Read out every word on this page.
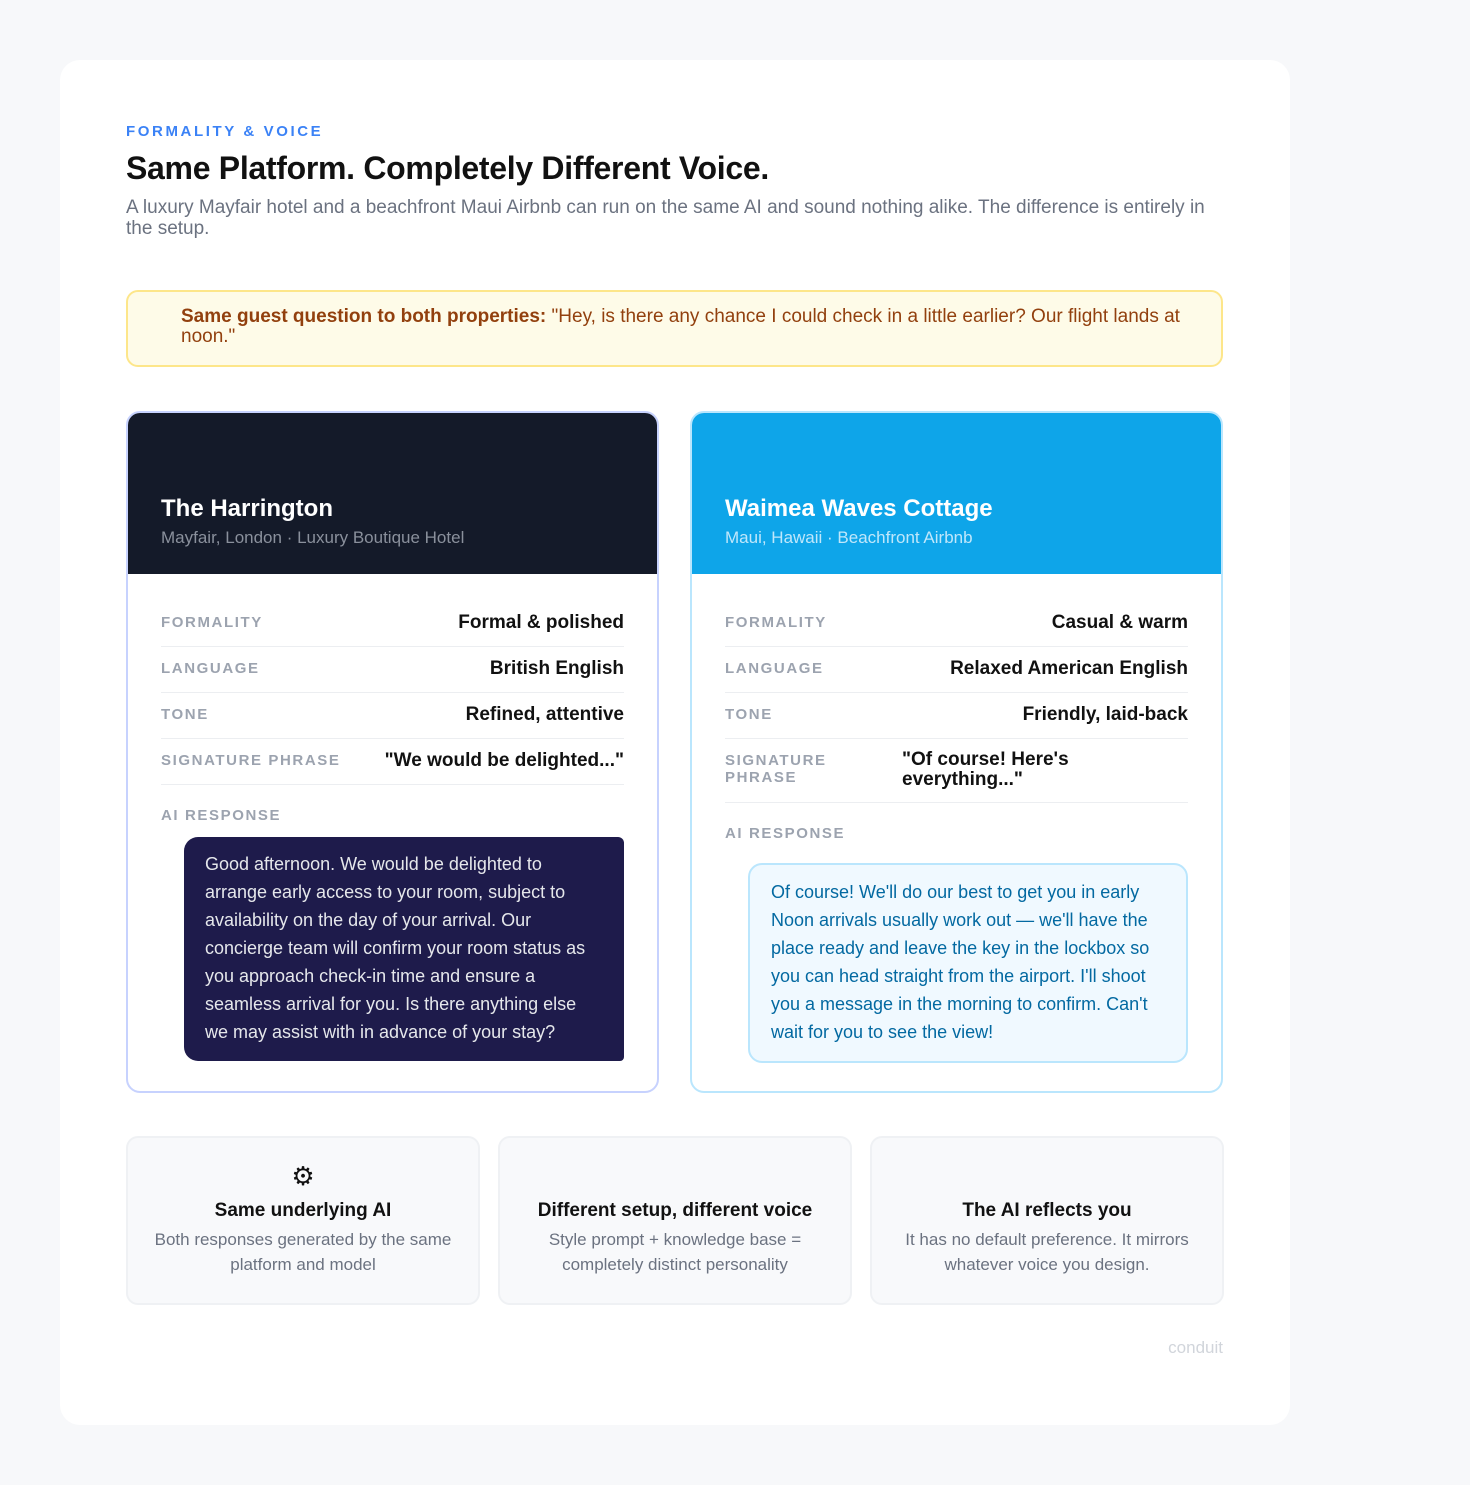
FORMALITY & VOICE
Same Platform. Completely Different Voice.

A luxury Mayfair hotel and a beachfront Maui Airbnb can run on the same AI and sound nothing alike. The difference is entirely in the setup.

Same guest question to both properties: "Hey, is there any chance I could check in a little earlier? Our flight lands at noon."
The Harrington
Mayfair, London · Luxury Boutique Hotel
FORMALITY	Formal & polished
LANGUAGE	British English
TONE	Refined, attentive
SIGNATURE PHRASE "We would be delighted..."
AI RESPONSE
Good afternoon. We would be delighted to arrange early access to your room, subject to availability on the day of your arrival. Our concierge team will confirm your room status as you approach check-in time and ensure a seamless arrival for you. Is there anything else we may assist with in advance of your stay?
Waimea Waves Cottage
Maui, Hawaii · Beachfront Airbnb
FORMALITY	Casual & warm
LANGUAGE	Relaxed American English
TONE	Friendly, laid-back
SIGNATURE PHRASE
"Of course! Here's everything..."
AI RESPONSE
Of course! We'll do our best to get you in early Noon arrivals usually work out — we'll have the place ready and leave the key in the lockbox so you can head straight from the airport. I'll shoot you a message in the morning to confirm. Can't wait for you to see the view!
⚙
Same underlying AI
Both responses generated by the same platform and model
Different setup, different voice
Style prompt + knowledge base = completely distinct personality
The AI reflects you
It has no default preference. It mirrors whatever voice you design.
conduit
